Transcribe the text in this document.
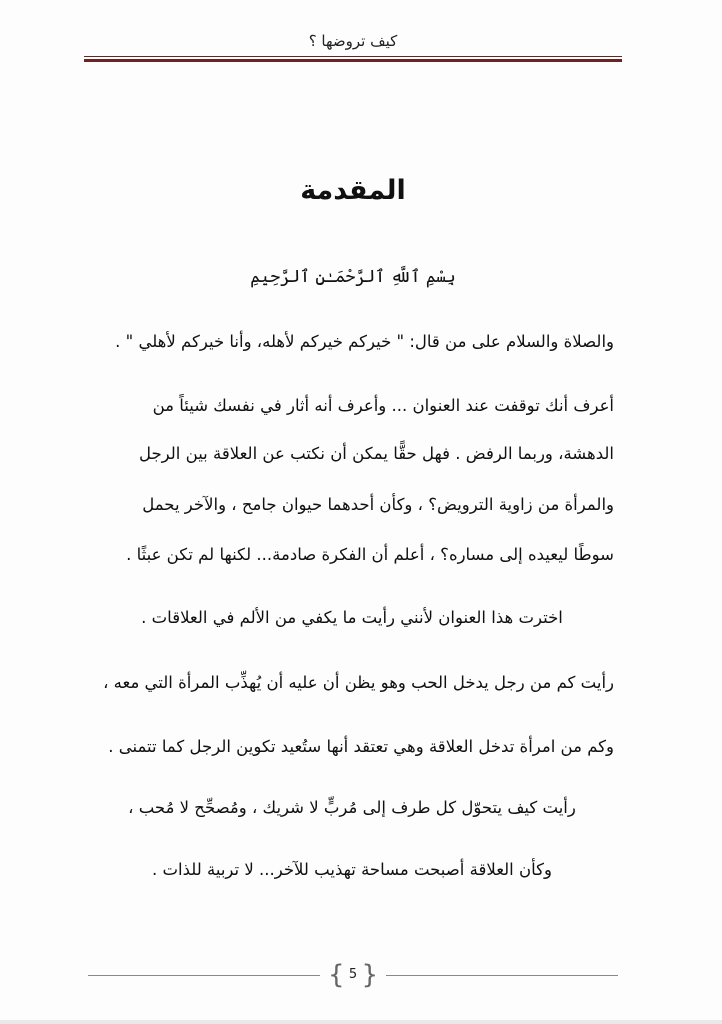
كيف تروضها ؟
المقدمة
بِسْمِ ٱللَّهِ ٱلرَّحْمَـٰنِ ٱلرَّحِيمِ
والصلاة والسلام على من قال: " خيركم خيركم لأهله، وأنا خيركم لأهلي " .
أعرف أنك توقفت عند العنوان ... وأعرف أنه أثار في نفسك شيئاً من
الدهشة، وربما الرفض . فهل حقًّا يمكن أن نكتب عن العلاقة بين الرجل
والمرأة من زاوية الترويض؟ ، وكأن أحدهما حيوان جامح ، والآخر يحمل
سوطًا ليعيده إلى مساره؟ ، أعلم أن الفكرة صادمة... لكنها لم تكن عبثًا .
اخترت هذا العنوان لأنني رأيت ما يكفي من الألم في العلاقات .
رأيت كم من رجل يدخل الحب وهو يظن أن عليه أن يُهذِّب المرأة التي معه ،
وكم من امرأة تدخل العلاقة وهي تعتقد أنها ستُعيد تكوين الرجل كما تتمنى .
رأيت كيف يتحوّل كل طرف إلى مُربٍّ لا شريك ، ومُصحِّح لا مُحب ،
وكأن العلاقة أصبحت مساحة تهذيب للآخر... لا تربية للذات .
{ 5 }
